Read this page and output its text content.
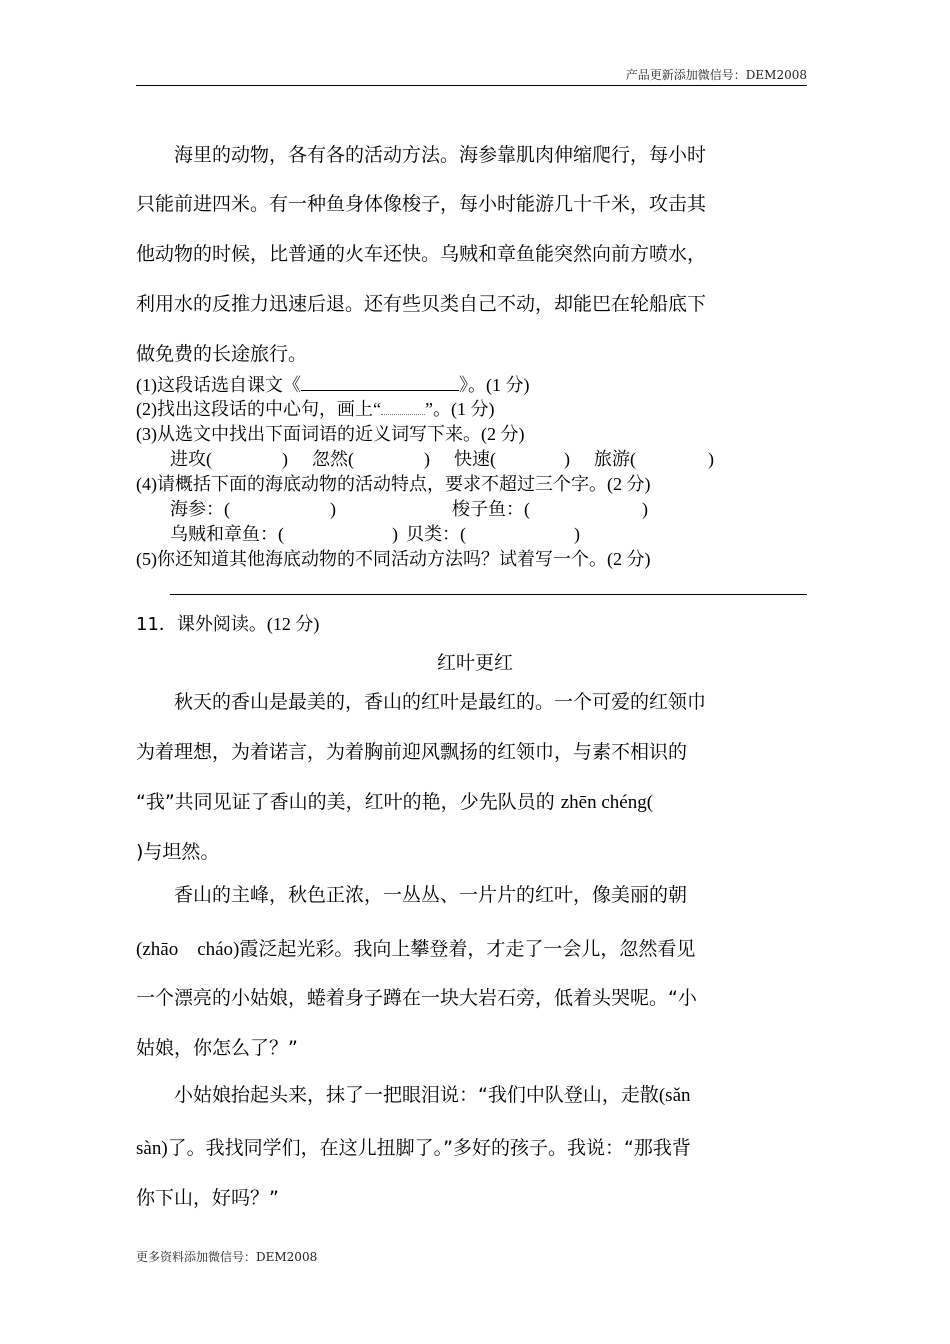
产品更新添加微信号：DEM2008
　　海里的动物，各有各的活动方法。海参靠肌肉伸缩爬行，每小时
只能前进四米。有一种鱼身体像梭子，每小时能游几十千米，攻击其
他动物的时候，比普通的火车还快。乌贼和章鱼能突然向前方喷水，
利用水的反推力迅速后退。还有些贝类自己不动，却能巴在轮船底下
做免费的长途旅行。
(1)这段话选自课文《	》。(1 分)
(2)找出这段话的中心句，画上“ ”。(1 分)
(3)从选文中找出下面词语的近义词写下来。(2 分)
进攻(	) 忽然(	) 快速(	) 旅游(	)
(4)请概括下面的海底动物的活动特点，要求不超过三个字。(2 分)
海参：(	)	梭子鱼：(	)
乌贼和章鱼：(	) 贝类：(	)
(5)你还知道其他海底动物的不同活动方法吗？试着写一个。(2 分)
11．课外阅读。(12 分)
红叶更红
　　秋天的香山是最美的，香山的红叶是最红的。一个可爱的红领巾
为着理想，为着诺言，为着胸前迎风飘扬的红领巾，与素不相识的
“我”共同见证了香山的美，红叶的艳，少先队员的 zhēn chéng(
)与坦然。
　　香山的主峰，秋色正浓，一丛丛、一片片的红叶，像美丽的朝
(zhāo　cháo)霞泛起光彩。我向上攀登着，才走了一会儿，忽然看见
一个漂亮的小姑娘，蜷着身子蹲在一块大岩石旁，低着头哭呢。“小
姑娘，你怎么了？”
　　小姑娘抬起头来，抹了一把眼泪说：“我们中队登山，走散(sǎn
sàn)了。我找同学们，在这儿扭脚了。”多好的孩子。我说：“那我背
你下山，好吗？”
更多资料添加微信号：DEM2008
